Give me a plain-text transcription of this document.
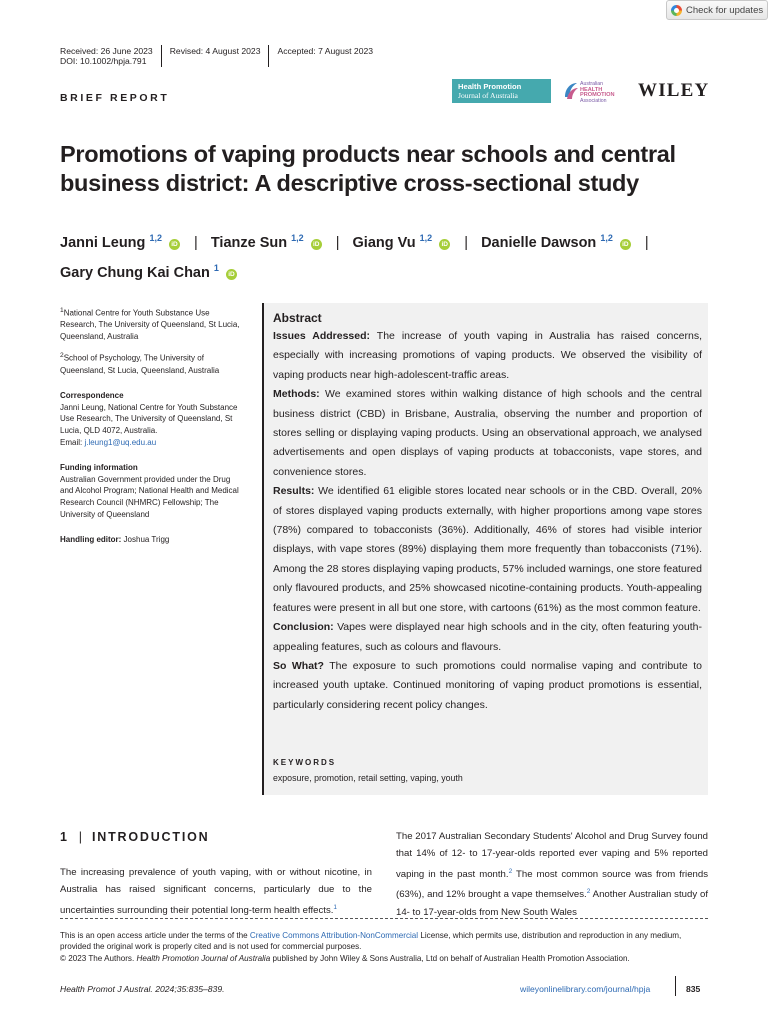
Check for updates
Received: 26 June 2023 Revised: 4 August 2023 Accepted: 7 August 2023
DOI: 10.1002/hpja.791
BRIEF REPORT
Health Promotion
Journal of Australia
Australian
HEALTH
PROMOTION
Association	WILEY
Promotions of vaping products near schools and central business district: A descriptive cross-sectional study
Janni Leung $^{1,2}$ iD | Tianze Sun $^{1,2}$ iD | Giang Vu $^{1,2}$ iD | Danielle Dawson $^{1,2}$ iD |
Gary Chung Kai Chan $^1$ iD

$^1$National Centre for Youth Substance Use Research, The University of Queensland, St Lucia, Queensland, Australia

$^2$School of Psychology, The University of Queensland, St Lucia, Queensland, Australia

Correspondence
Janni Leung, National Centre for Youth Substance Use Research, The University of Queensland, St Lucia, QLD 4072, Australia.
Email: j.leung1@uq.edu.au

Funding information
Australian Government provided under the Drug and Alcohol Program; National Health and Medical Research Council (NHMRC) Fellowship; The University of Queensland

Handling editor: Joshua Trigg

Abstract

Issues Addressed: The increase of youth vaping in Australia has raised concerns, especially with increasing promotions of vaping products. We observed the visibility of vaping products near high-adolescent-traffic areas.

Methods: We examined stores within walking distance of high schools and the central business district (CBD) in Brisbane, Australia, observing the number and proportion of stores selling or displaying vaping products. Using an observational approach, we analysed advertisements and open displays of vaping products at tobacconists, vape stores, and convenience stores.

Results: We identified 61 eligible stores located near schools or in the CBD. Overall, 20% of stores displayed vaping products externally, with higher proportions among vape stores (78%) compared to tobacconists (36%). Additionally, 46% of stores had visible interior displays, with vape stores (89%) displaying them more frequently than tobacconists (71%). Among the 28 stores displaying vaping products, 57% included warnings, one store featured only flavoured products, and 25% showcased nicotine-containing products. Youth-appealing features were present in all but one store, with cartoons (61%) as the most common feature.

Conclusion: Vapes were displayed near high schools and in the city, often featuring youth-appealing features, such as colours and flavours.

So What? The exposure to such promotions could normalise vaping and contribute to increased youth uptake. Continued monitoring of vaping product promotions is essential, particularly considering recent policy changes.

KEYWORDS
exposure, promotion, retail setting, vaping, youth
1 | INTRODUCTION
The increasing prevalence of youth vaping, with or without nicotine, in Australia has raised significant concerns, particularly due to the uncertainties surrounding their potential long-term health effects.$^1$
The 2017 Australian Secondary Students' Alcohol and Drug Survey found that 14% of 12- to 17-year-olds reported ever vaping and 5% reported vaping in the past month.$^2$ The most common source was from friends (63%), and 12% brought a vape themselves.$^2$ Another Australian study of 14- to 17-year-olds from New South Wales

This is an open access article under the terms of the Creative Commons Attribution-NonCommercial License, which permits use, distribution and reproduction in any medium, provided the original work is properly cited and is not used for commercial purposes.

© 2023 The Authors. Health Promotion Journal of Australia published by John Wiley & Sons Australia, Ltd on behalf of Australian Health Promotion Association.

Health Promot J Austral. 2024;35:835–839.	wileyonlinelibrary.com/journal/hpja	835
